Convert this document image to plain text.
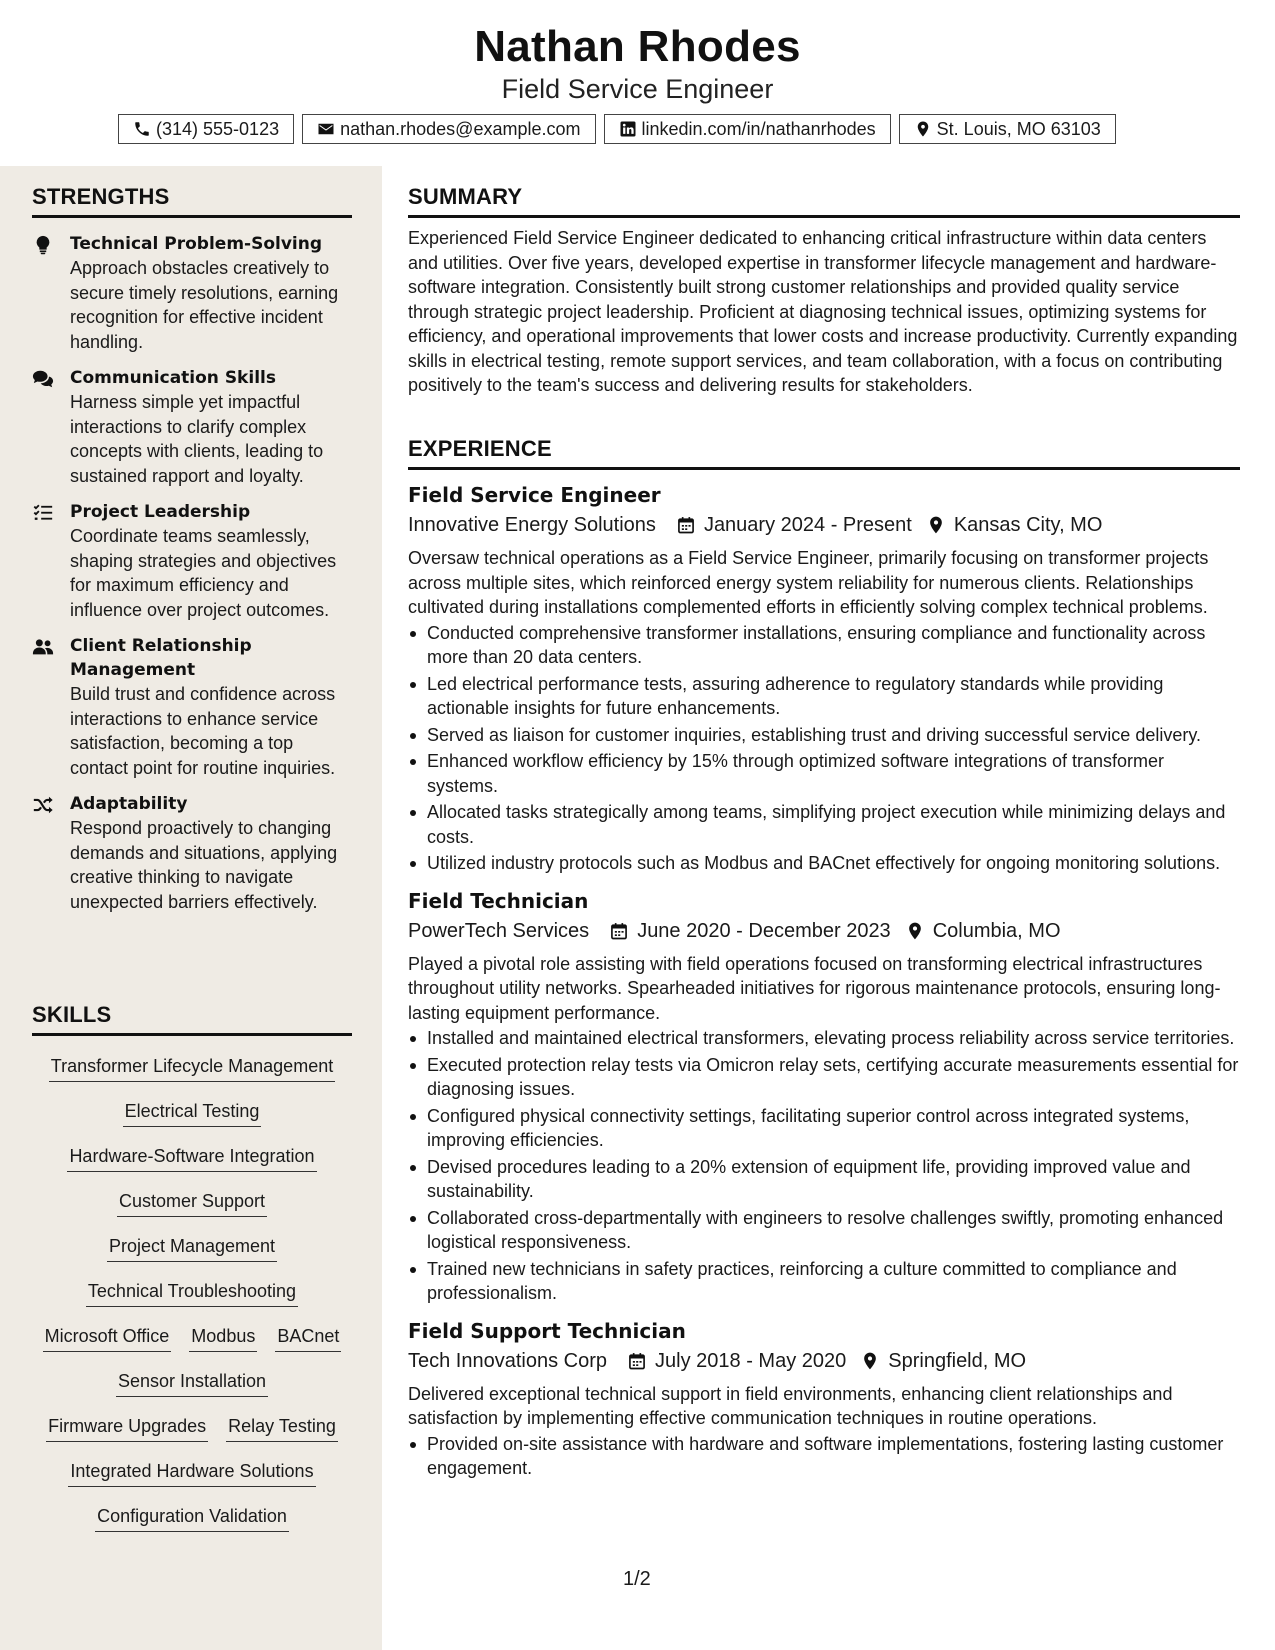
Nathan Rhodes
Field Service Engineer
(314) 555-0123	nathan.rhodes@example.com	linkedin.com/in/nathanrhodes	St. Louis, MO 63103
STRENGTHS
Technical Problem-Solving
Approach obstacles creatively to secure timely resolutions, earning recognition for effective incident handling.
Communication Skills
Harness simple yet impactful interactions to clarify complex concepts with clients, leading to sustained rapport and loyalty.
Project Leadership
Coordinate teams seamlessly, shaping strategies and objectives for maximum efficiency and influence over project outcomes.
Client Relationship Management
Build trust and confidence across interactions to enhance service satisfaction, becoming a top contact point for routine inquiries.
Adaptability
Respond proactively to changing demands and situations, applying creative thinking to navigate unexpected barriers effectively.
SKILLS
Transformer Lifecycle Management
Electrical Testing
Hardware-Software Integration
Customer Support
Project Management
Technical Troubleshooting
Microsoft Office Modbus BACnet
Sensor Installation
Firmware Upgrades Relay Testing
Integrated Hardware Solutions
Configuration Validation
SUMMARY
Experienced Field Service Engineer dedicated to enhancing critical infrastructure within data centers and utilities. Over five years, developed expertise in transformer lifecycle management and hardware-software integration. Consistently built strong customer relationships and provided quality service through strategic project leadership. Proficient at diagnosing technical issues, optimizing systems for efficiency, and operational improvements that lower costs and increase productivity. Currently expanding skills in electrical testing, remote support services, and team collaboration, with a focus on contributing positively to the team's success and delivering results for stakeholders.
EXPERIENCE
Field Service Engineer
Innovative Energy Solutions January 2024 - Present Kansas City, MO
Oversaw technical operations as a Field Service Engineer, primarily focusing on transformer projects across multiple sites, which reinforced energy system reliability for numerous clients. Relationships cultivated during installations complemented efforts in efficiently solving complex technical problems.
Conducted comprehensive transformer installations, ensuring compliance and functionality across more than 20 data centers.
Led electrical performance tests, assuring adherence to regulatory standards while providing actionable insights for future enhancements.
Served as liaison for customer inquiries, establishing trust and driving successful service delivery.
Enhanced workflow efficiency by 15% through optimized software integrations of transformer systems.
Allocated tasks strategically among teams, simplifying project execution while minimizing delays and costs.
Utilized industry protocols such as Modbus and BACnet effectively for ongoing monitoring solutions.
Field Technician
PowerTech Services June 2020 - December 2023 Columbia, MO
Played a pivotal role assisting with field operations focused on transforming electrical infrastructures throughout utility networks. Spearheaded initiatives for rigorous maintenance protocols, ensuring long-lasting equipment performance.
Installed and maintained electrical transformers, elevating process reliability across service territories.
Executed protection relay tests via Omicron relay sets, certifying accurate measurements essential for diagnosing issues.
Configured physical connectivity settings, facilitating superior control across integrated systems, improving efficiencies.
Devised procedures leading to a 20% extension of equipment life, providing improved value and sustainability.
Collaborated cross-departmentally with engineers to resolve challenges swiftly, promoting enhanced logistical responsiveness.
Trained new technicians in safety practices, reinforcing a culture committed to compliance and professionalism.
Field Support Technician
Tech Innovations Corp July 2018 - May 2020 Springfield, MO
Delivered exceptional technical support in field environments, enhancing client relationships and satisfaction by implementing effective communication techniques in routine operations.
Provided on-site assistance with hardware and software implementations, fostering lasting customer engagement.
1/2
